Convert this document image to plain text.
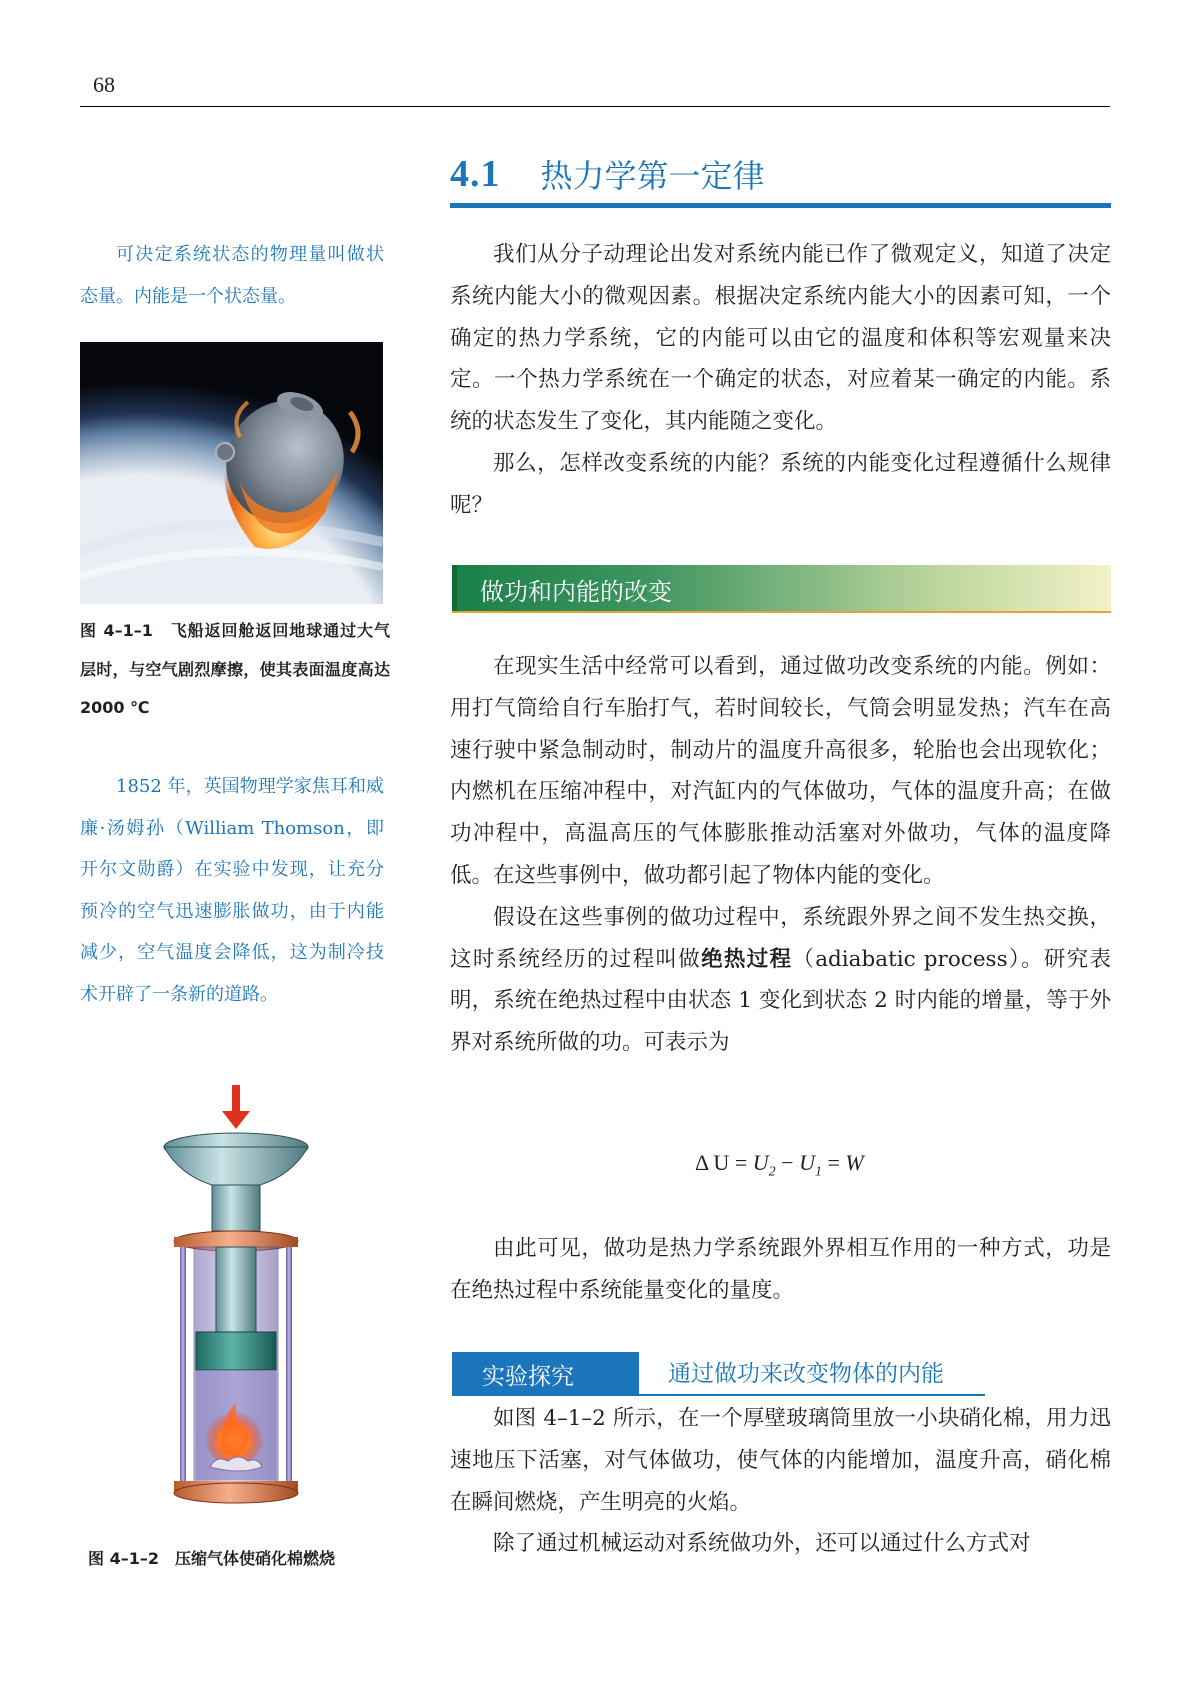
68
4.1 热力学第一定律

我们从分子动理论出发对系统内能已作了微观定义，知道了决定系统内能大小的微观因素。根据决定系统内能大小的因素可知，一个确定的热力学系统，它的内能可以由它的温度和体积等宏观量来决定。一个热力学系统在一个确定的状态，对应着某一确定的内能。系统的状态发生了变化，其内能随之变化。

那么，怎样改变系统的内能？系统的内能变化过程遵循什么规律呢？

可决定系统状态的物理量叫做状态量。内能是一个状态量。

图 4–1–1　飞船返回舱返回地球通过大气层时，与空气剧烈摩擦，使其表面温度高达 2000 ℃

1852 年，英国物理学家焦耳和威廉·汤姆孙（William Thomson，即开尔文勋爵）在实验中发现，让充分预冷的空气迅速膨胀做功，由于内能减少，空气温度会降低，这为制冷技术开辟了一条新的道路。

图 4–1–2　压缩气体使硝化棉燃烧
做功和内能的改变

在现实生活中经常可以看到，通过做功改变系统的内能。例如：用打气筒给自行车胎打气，若时间较长，气筒会明显发热；汽车在高速行驶中紧急制动时，制动片的温度升高很多，轮胎也会出现软化；内燃机在压缩冲程中，对汽缸内的气体做功，气体的温度升高；在做功冲程中，高温高压的气体膨胀推动活塞对外做功，气体的温度降低。在这些事例中，做功都引起了物体内能的变化。

假设在这些事例的做功过程中，系统跟外界之间不发生热交换，这时系统经历的过程叫做绝热过程（adiabatic process）。研究表明，系统在绝热过程中由状态 1 变化到状态 2 时内能的增量，等于外界对系统所做的功。可表示为

Δ $U = U_2 - U_1 = W$

由此可见，做功是热力学系统跟外界相互作用的一种方式，功是在绝热过程中系统能量变化的量度。

实验探究	通过做功来改变物体的内能

如图 4–1–2 所示，在一个厚壁玻璃筒里放一小块硝化棉，用力迅速地压下活塞，对气体做功，使气体的内能增加，温度升高，硝化棉在瞬间燃烧，产生明亮的火焰。

除了通过机械运动对系统做功外，还可以通过什么方式对
